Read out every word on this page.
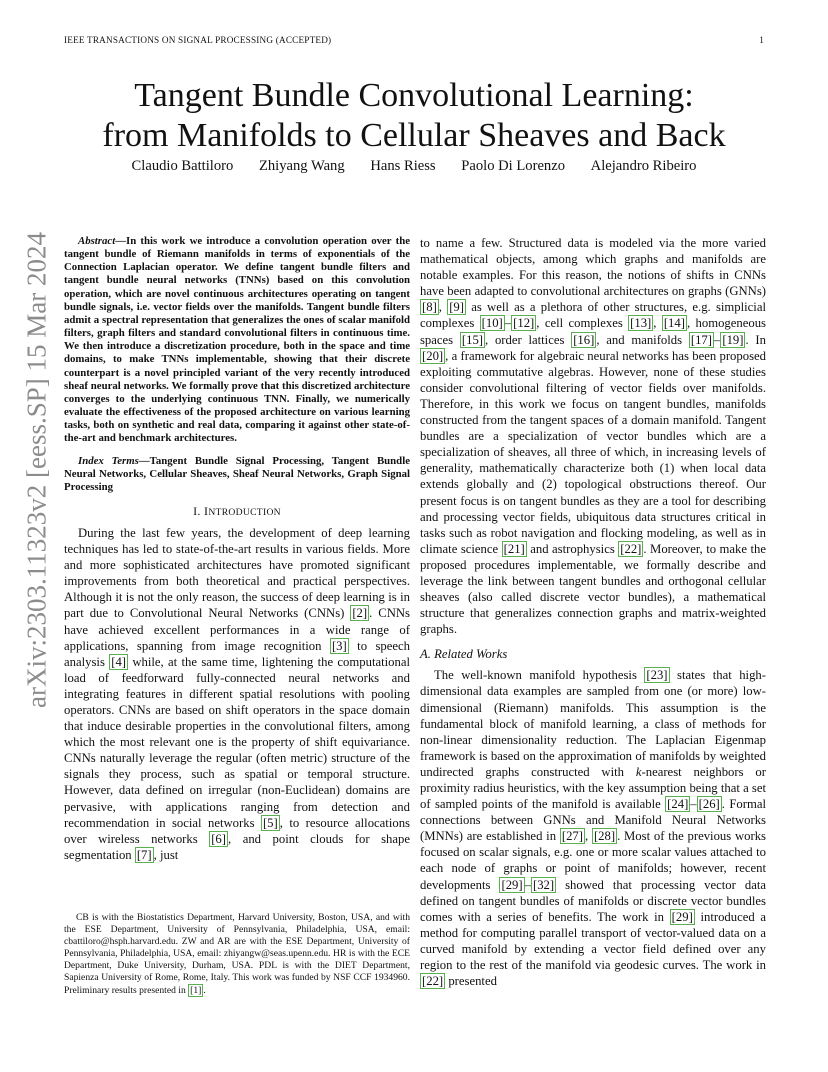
IEEE TRANSACTIONS ON SIGNAL PROCESSING (ACCEPTED)	1
arXiv:2303.11323v2 [eess.SP] 15 Mar 2024
Tangent Bundle Convolutional Learning:
from Manifolds to Cellular Sheaves and Back
Claudio Battiloro Zhiyang Wang Hans Riess Paolo Di Lorenzo Alejandro Ribeiro

Abstract—In this work we introduce a convolution operation over the tangent bundle of Riemann manifolds in terms of exponentials of the Connection Laplacian operator. We define tangent bundle filters and tangent bundle neural networks (TNNs) based on this convolution operation, which are novel continuous architectures operating on tangent bundle signals, i.e. vector fields over the manifolds. Tangent bundle filters admit a spectral representation that generalizes the ones of scalar manifold filters, graph filters and standard convolutional filters in continuous time. We then introduce a discretization procedure, both in the space and time domains, to make TNNs implementable, showing that their discrete counterpart is a novel principled variant of the very recently introduced sheaf neural networks. We formally prove that this discretized architecture converges to the underlying continuous TNN. Finally, we numerically evaluate the effectiveness of the proposed architecture on various learning tasks, both on synthetic and real data, comparing it against other state-of-the-art and benchmark architectures.

Index Terms—Tangent Bundle Signal Processing, Tangent Bundle Neural Networks, Cellular Sheaves, Sheaf Neural Networks, Graph Signal Processing

I. INTRODUCTION

During the last few years, the development of deep learning techniques has led to state-of-the-art results in various fields. More and more sophisticated architectures have promoted significant improvements from both theoretical and practical perspectives. Although it is not the only reason, the success of deep learning is in part due to Convolutional Neural Networks (CNNs) [2] . CNNs have achieved excellent performances in a wide range of applications, spanning from image recognition [3] to speech analysis [4] while, at the same time, lightening the computational load of feedforward fully-connected neural networks and integrating features in different spatial resolutions with pooling operators. CNNs are based on shift operators in the space domain that induce desirable properties in the convolutional filters, among which the most relevant one is the property of shift equivariance. CNNs naturally leverage the regular (often metric) structure of the signals they process, such as spatial or temporal structure. However, data defined on irregular (non-Euclidean) domains are pervasive, with applications ranging from detection and recommendation in social networks [5] , to resource allocations over wireless networks [6] , and point clouds for shape segmentation [7] , just

CB is with the Biostatistics Department, Harvard University, Boston, USA, and with the ESE Department, University of Pennsylvania, Philadelphia, USA, email: cbattiloro@hsph.harvard.edu. ZW and AR are with the ESE Department, University of Pennsylvania, Philadelphia, USA, email: zhiyangw@seas.upenn.edu. HR is with the ECE Department, Duke University, Durham, USA. PDL is with the DIET Department, Sapienza University of Rome, Rome, Italy. This work was funded by NSF CCF 1934960. Preliminary results presented in [1] .

to name a few. Structured data is modeled via the more varied mathematical objects, among which graphs and manifolds are notable examples. For this reason, the notions of shifts in CNNs have been adapted to convolutional architectures on graphs (GNNs) [8] , [9] as well as a plethora of other structures, e.g. simplicial complexes [10] – [12] , cell complexes [13] , [14] , homogeneous spaces [15] , order lattices [16] , and manifolds [17] – [19] . In [20] , a framework for algebraic neural networks has been proposed exploiting commutative algebras. However, none of these studies consider convolutional filtering of vector fields over manifolds. Therefore, in this work we focus on tangent bundles, manifolds constructed from the tangent spaces of a domain manifold. Tangent bundles are a specialization of vector bundles which are a specialization of sheaves, all three of which, in increasing levels of generality, mathematically characterize both (1) when local data extends globally and (2) topological obstructions thereof. Our present focus is on tangent bundles as they are a tool for describing and processing vector fields, ubiquitous data structures critical in tasks such as robot navigation and flocking modeling, as well as in climate science [21] and astrophysics [22] . Moreover, to make the proposed procedures implementable, we formally describe and leverage the link between tangent bundles and orthogonal cellular sheaves (also called discrete vector bundles), a mathematical structure that generalizes connection graphs and matrix-weighted graphs.

A. Related Works

The well-known manifold hypothesis [23] states that high-dimensional data examples are sampled from one (or more) low-dimensional (Riemann) manifolds. This assumption is the fundamental block of manifold learning, a class of methods for non-linear dimensionality reduction. The Laplacian Eigenmap framework is based on the approximation of manifolds by weighted undirected graphs constructed with k-nearest neighbors or proximity radius heuristics, with the key assumption being that a set of sampled points of the manifold is available [24] – [26] . Formal connections between GNNs and Manifold Neural Networks (MNNs) are established in [27] , [28] . Most of the previous works focused on scalar signals, e.g. one or more scalar values attached to each node of graphs or point of manifolds; however, recent developments [29] – [32] showed that processing vector data defined on tangent bundles of manifolds or discrete vector bundles comes with a series of benefits. The work in [29] introduced a method for computing parallel transport of vector-valued data on a curved manifold by extending a vector field defined over any region to the rest of the manifold via geodesic curves. The work in [22] presented
